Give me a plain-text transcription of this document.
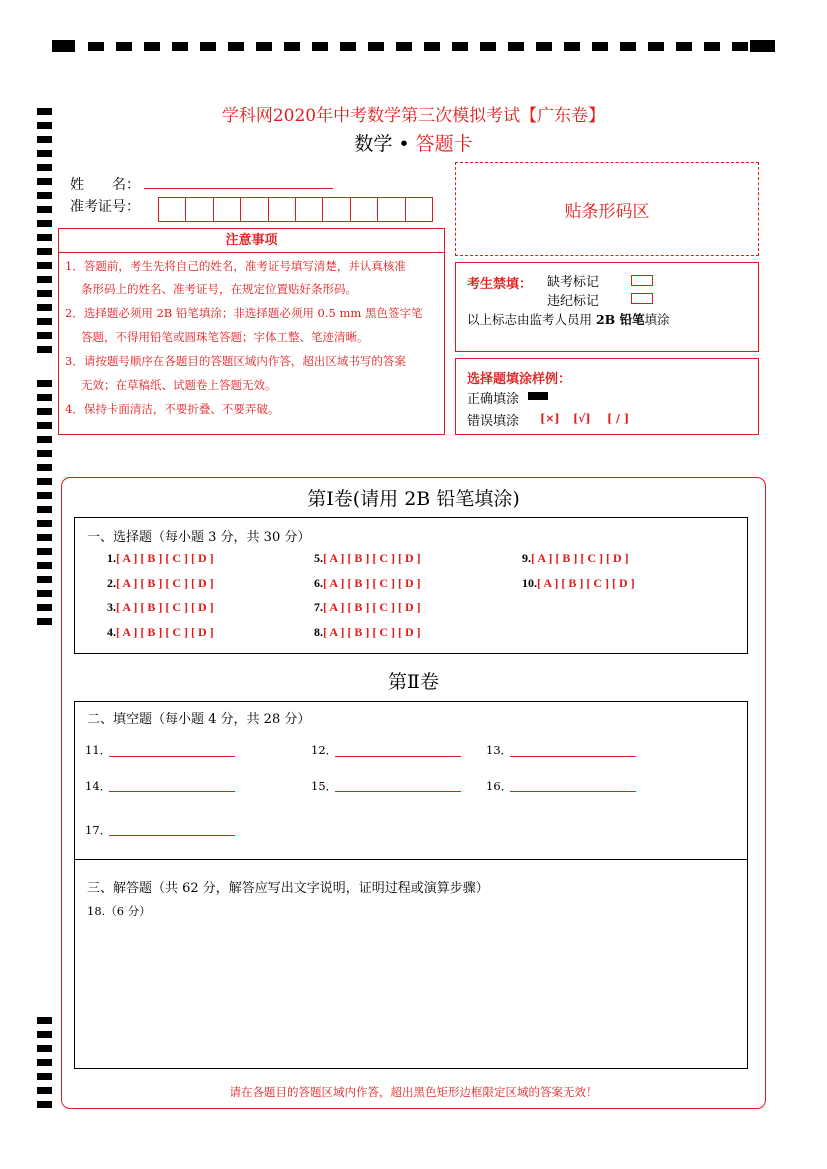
学科网2020年中考数学第三次模拟考试【广东卷】
数学 • 答题卡
姓　　名：
准考证号：	贴条形码区
注意事项
1．答题前，考生先将自己的姓名，准考证号填写清楚，并认真核准
条形码上的姓名、准考证号，在规定位置贴好条形码。
2．选择题必须用 2B 铅笔填涂；非选择题必须用 0.5 mm 黑色签字笔
答题，不得用铅笔或圆珠笔答题；字体工整、笔迹清晰。
3．请按题号顺序在各题目的答题区域内作答，超出区域书写的答案
无效；在草稿纸、试题卷上答题无效。
4．保持卡面清洁，不要折叠、不要弄破。
考生禁填： 缺考标记
违纪标记
以上标志由监考人员用 2B 铅笔填涂
选择题填涂样例：
正确填涂
错误填涂 [×] [√] [ / ]
第Ⅰ卷(请用 2B 铅笔填涂)
一、选择题（每小题 3 分，共 30 分）
1.[ A ] [ B ] [ C ] [ D ]
2.[ A ] [ B ] [ C ] [ D ]
3.[ A ] [ B ] [ C ] [ D ]
4.[ A ] [ B ] [ C ] [ D ]
5.[ A ] [ B ] [ C ] [ D ]
6.[ A ] [ B ] [ C ] [ D ]
7.[ A ] [ B ] [ C ] [ D ]
8.[ A ] [ B ] [ C ] [ D ]
9.[ A ] [ B ] [ C ] [ D ]
10.[ A ] [ B ] [ C ] [ D ]
第Ⅱ卷
二、填空题（每小题 4 分，共 28 分）
11．	12．	13．
14．	15．	16．
17．
三、解答题（共 62 分，解答应写出文字说明，证明过程或演算步骤）
18.（6 分）
请在各题目的答题区域内作答，超出黑色矩形边框限定区域的答案无效！
